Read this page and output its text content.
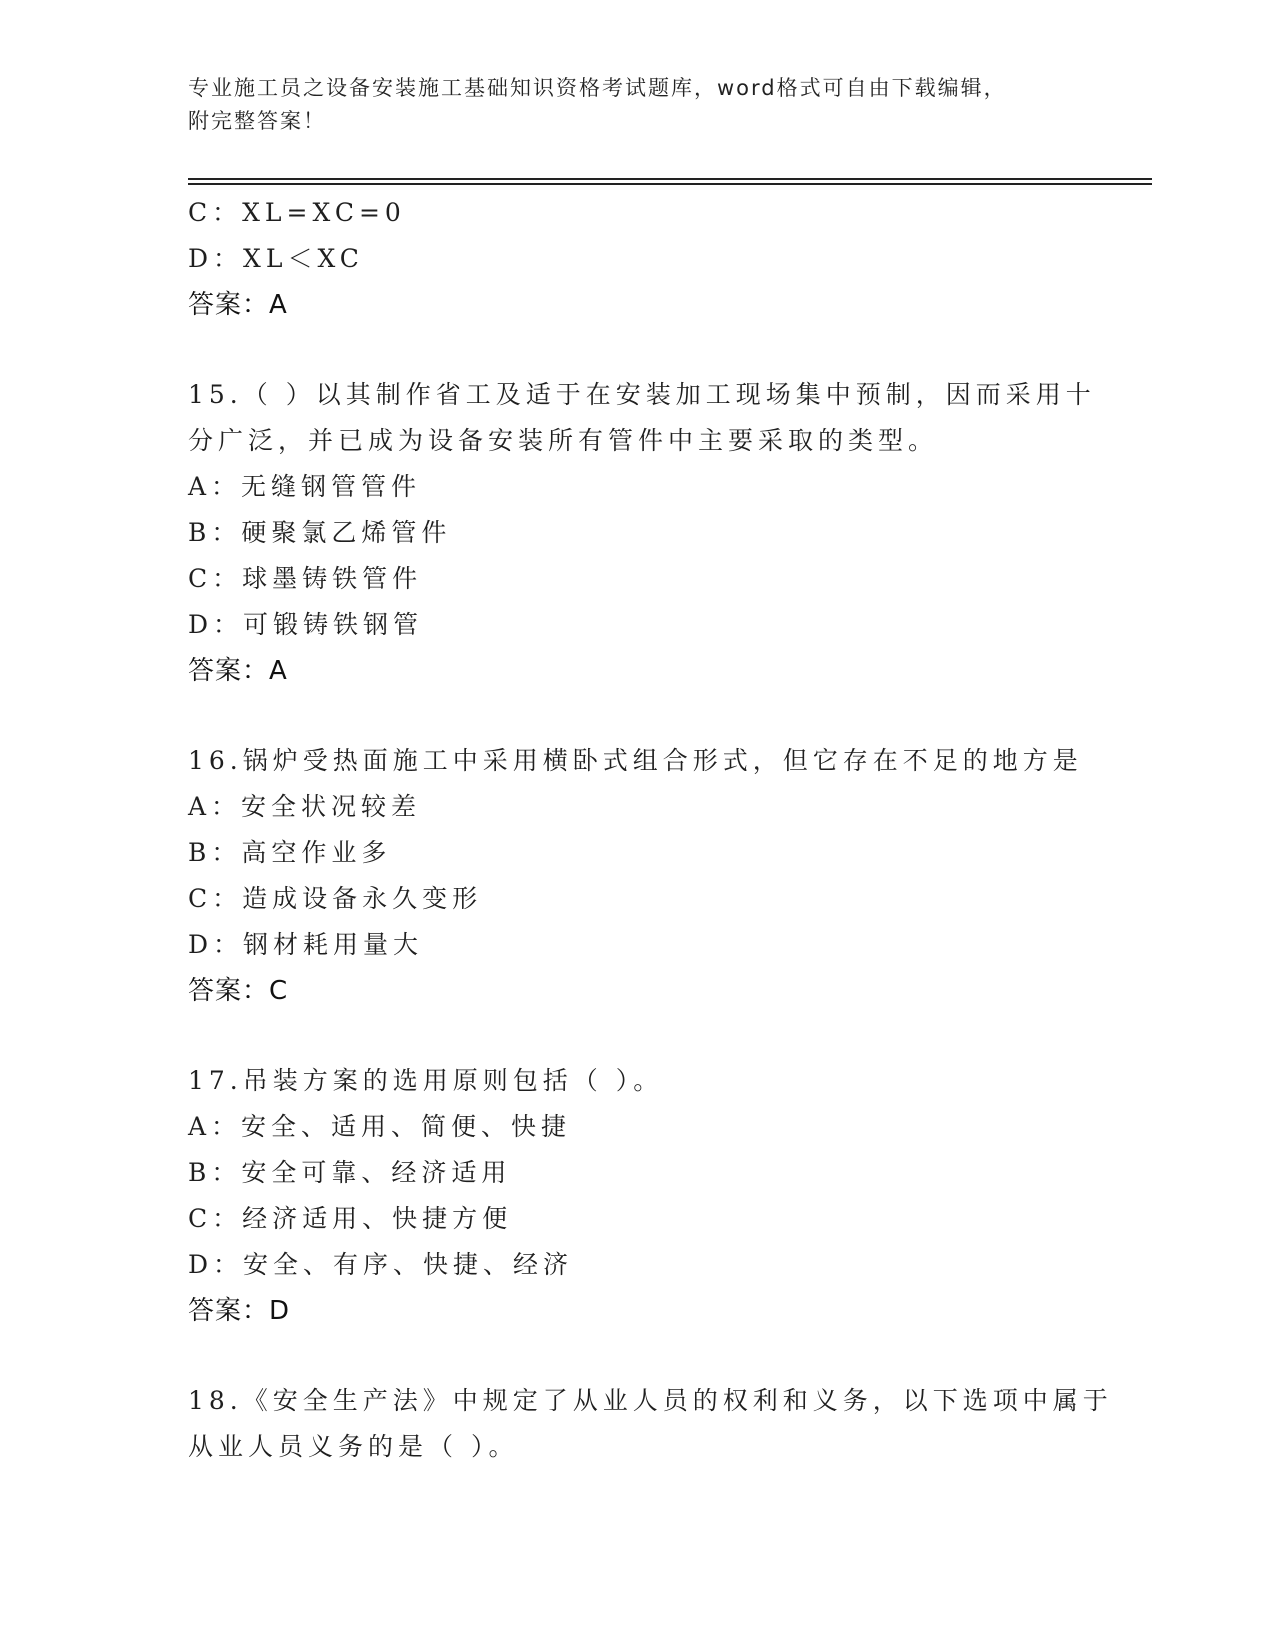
专业施工员之设备安装施工基础知识资格考试题库，word格式可自由下载编辑，
附完整答案！
C：XL=XC=0
D：XL＜XC
答案：A
15.（ ）以其制作省工及适于在安装加工现场集中预制，因而采用十
分广泛，并已成为设备安装所有管件中主要采取的类型。
A：无缝钢管管件
B：硬聚氯乙烯管件
C：球墨铸铁管件
D：可锻铸铁钢管
答案：A
16.锅炉受热面施工中采用横卧式组合形式，但它存在不足的地方是
A：安全状况较差
B：高空作业多
C：造成设备永久变形
D：钢材耗用量大
答案：C
17.吊装方案的选用原则包括（ ）。
A：安全、适用、简便、快捷
B：安全可靠、经济适用
C：经济适用、快捷方便
D：安全、有序、快捷、经济
答案：D
18.《安全生产法》中规定了从业人员的权利和义务，以下选项中属于
从业人员义务的是（ ）。
